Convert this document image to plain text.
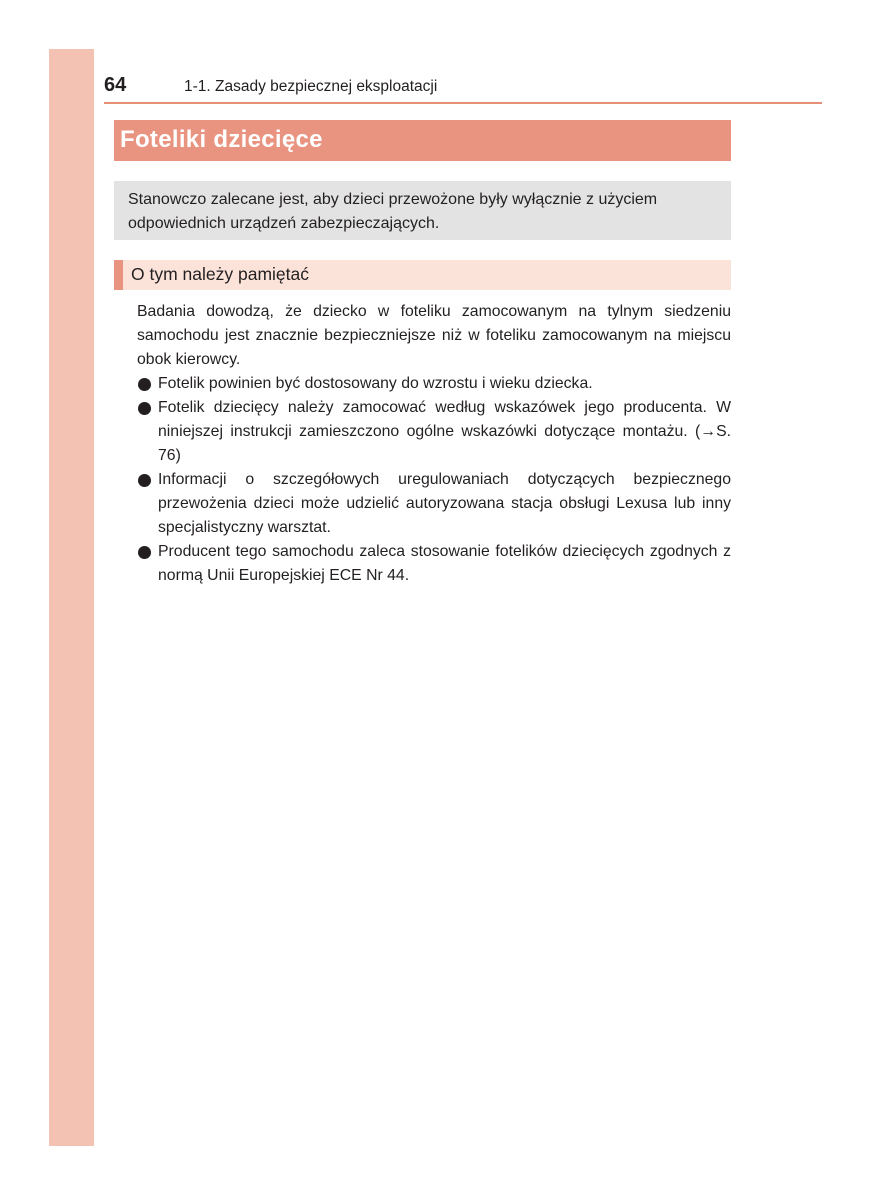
64	1-1. Zasady bezpiecznej eksploatacji
Foteliki dziecięce
Stanowczo zalecane jest, aby dzieci przewożone były wyłącznie z użyciem odpowiednich urządzeń zabezpieczających.
O tym należy pamiętać

Badania dowodzą, że dziecko w foteliku zamocowanym na tylnym siedzeniu samochodu jest znacznie bezpieczniejsze niż w foteliku zamocowanym na miejscu obok kierowcy.

Fotelik powinien być dostosowany do wzrostu i wieku dziecka.
Fotelik dziecięcy należy zamocować według wskazówek jego producenta. W niniejszej instrukcji zamieszczono ogólne wskazówki dotyczące montażu. (→S. 76)
Informacji o szczegółowych uregulowaniach dotyczących bezpiecznego przewożenia dzieci może udzielić autoryzowana stacja obsługi Lexusa lub inny specjalistyczny warsztat.
Producent tego samochodu zaleca stosowanie fotelików dziecięcych zgodnych z normą Unii Europejskiej ECE Nr 44.
